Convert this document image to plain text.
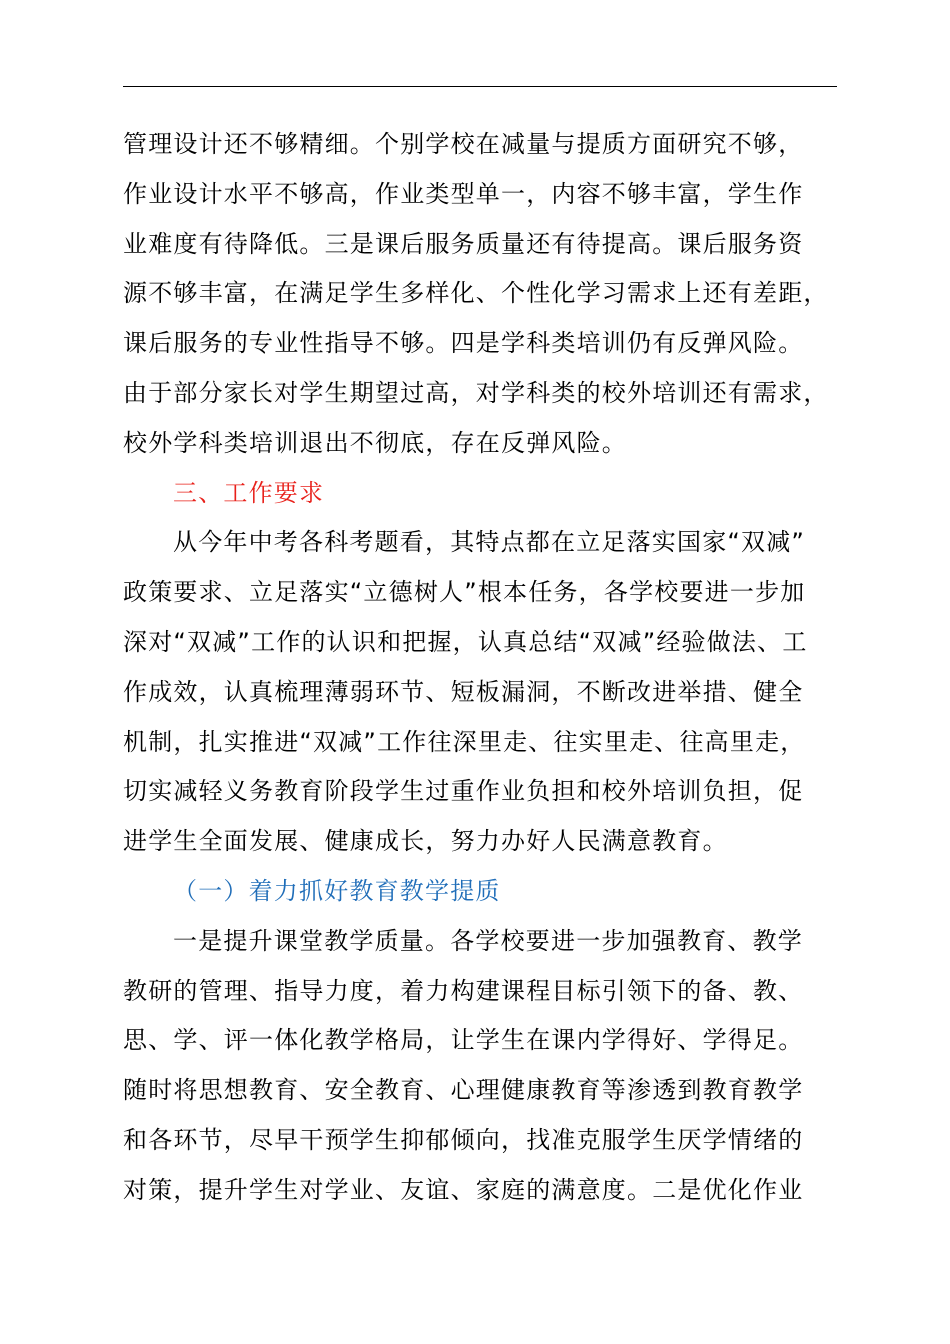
管理设计还不够精细。个别学校在减量与提质方面研究不够，
作业设计水平不够高，作业类型单一，内容不够丰富，学生作
业难度有待降低。三是课后服务质量还有待提高。课后服务资
源不够丰富，在满足学生多样化、个性化学习需求上还有差距，
课后服务的专业性指导不够。四是学科类培训仍有反弹风险。
由于部分家长对学生期望过高，对学科类的校外培训还有需求，
校外学科类培训退出不彻底，存在反弹风险。
三、工作要求
从今年中考各科考题看，其特点都在立足落实国家“双减”
政策要求、立足落实“立德树人”根本任务，各学校要进一步加
深对“双减”工作的认识和把握，认真总结“双减”经验做法、工
作成效，认真梳理薄弱环节、短板漏洞，不断改进举措、健全
机制，扎实推进“双减”工作往深里走、往实里走、往高里走，
切实减轻义务教育阶段学生过重作业负担和校外培训负担，促
进学生全面发展、健康成长，努力办好人民满意教育。
（一）着力抓好教育教学提质
一是提升课堂教学质量。各学校要进一步加强教育、教学
教研的管理、指导力度，着力构建课程目标引领下的备、教、
思、学、评一体化教学格局，让学生在课内学得好、学得足。
随时将思想教育、安全教育、心理健康教育等渗透到教育教学
和各环节，尽早干预学生抑郁倾向，找准克服学生厌学情绪的
对策，提升学生对学业、友谊、家庭的满意度。二是优化作业
